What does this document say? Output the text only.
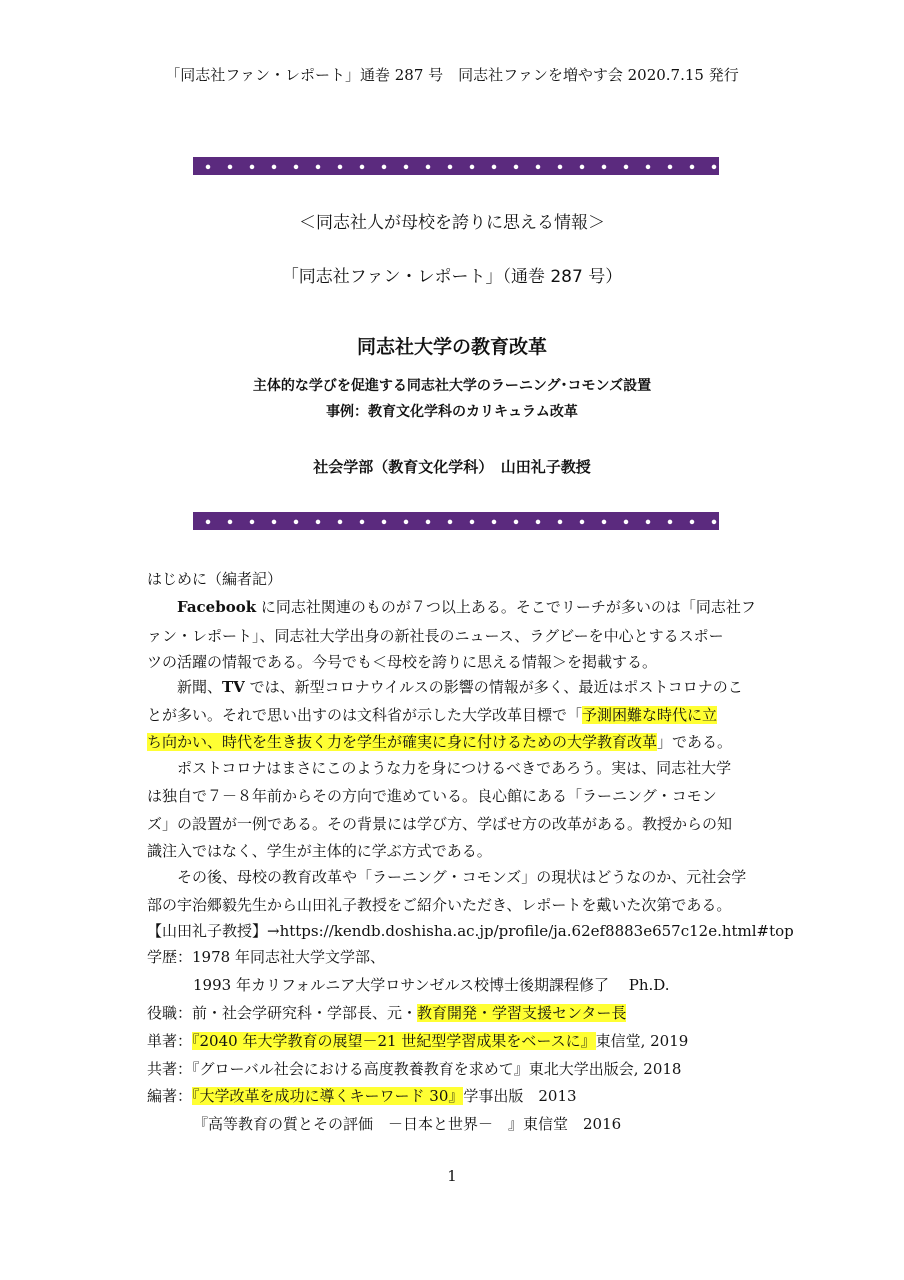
「同志社ファン・レポート」通巻 287 号　同志社ファンを増やす会 2020.7.15 発行
＜同志社人が母校を誇りに思える情報＞
「同志社ファン・レポート」（通巻 287 号）
同志社大学の教育改革
主体的な学びを促進する同志社大学のラーニング･コモンズ設置
事例：教育文化学科のカリキュラム改革
社会学部（教育文化学科）　山田礼子教授
はじめに（編者記）
Facebook に同志社関連のものが７つ以上ある。そこでリーチが多いのは「同志社フ
ァン・レポート」、同志社大学出身の新社長のニュース、ラグビーを中心とするスポー
ツの活躍の情報である。今号でも＜母校を誇りに思える情報＞を掲載する。
新聞、TV では、新型コロナウイルスの影響の情報が多く、最近はポストコロナのこ
とが多い。それで思い出すのは文科省が示した大学改革目標で「予測困難な時代に立
ち向かい、時代を生き抜く力を学生が確実に身に付けるための大学教育改革」である。
ポストコロナはまさにこのような力を身につけるべきであろう。実は、同志社大学
は独自で７－８年前からその方向で進めている。良心館にある「ラーニング・コモン
ズ」の設置が一例である。その背景には学び方、学ばせ方の改革がある。教授からの知
識注入ではなく、学生が主体的に学ぶ方式である。
その後、母校の教育改革や「ラーニング・コモンズ」の現状はどうなのか、元社会学
部の宇治郷毅先生から山田礼子教授をご紹介いただき、レポートを戴いた次第である。
【山田礼子教授】→https://kendb.doshisha.ac.jp/profile/ja.62ef8883e657c12e.html#top
学歴：1978 年同志社大学文学部、
1993 年カリフォルニア大学ロサンゼルス校博士後期課程修了　 Ph.D.
役職：前・社会学研究科・学部長、元・教育開発・学習支援センター長
単著：『2040 年大学教育の展望－21 世紀型学習成果をベースに』東信堂, 2019
共著：『グローバル社会における高度教養教育を求めて』東北大学出版会, 2018
編著：『大学改革を成功に導くキーワード 30』学事出版　2013
『高等教育の質とその評価　－日本と世界－　』東信堂　2016
1
